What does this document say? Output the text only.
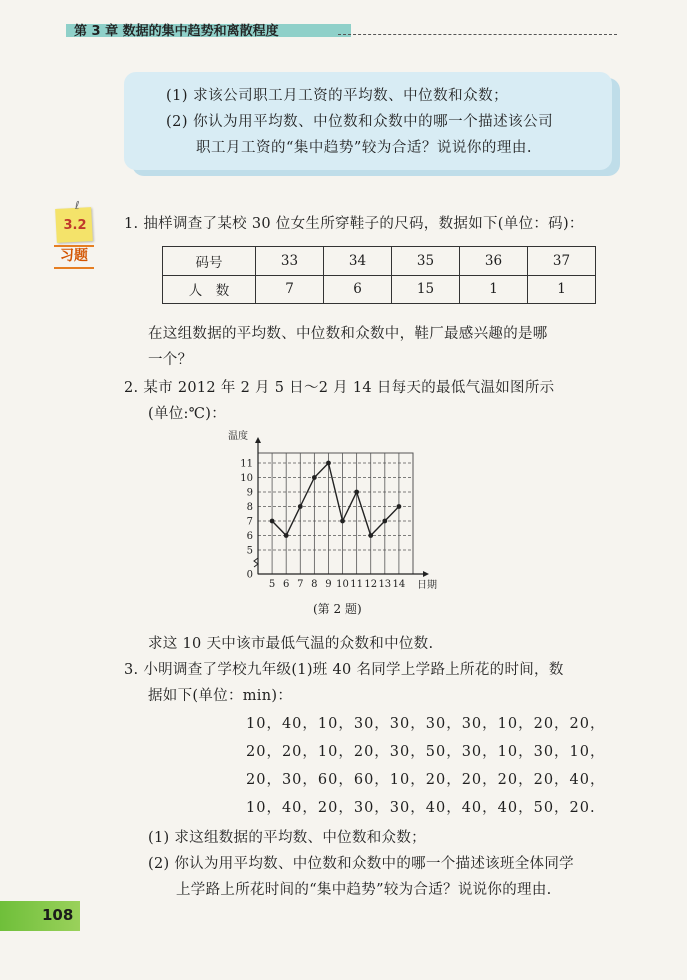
第 3 章 数据的集中趋势和离散程度
(1) 求该公司职工月工资的平均数、中位数和众数；
(2) 你认为用平均数、中位数和众数中的哪一个描述该公司
职工月工资的“集中趋势”较为合适？说说你的理由.
ℓ
3.2
习题
1. 抽样调查了某校 30 位女生所穿鞋子的尺码，数据如下(单位：码)：
码号	33	34	35	36	37
人　数	7	6	15	1	1
在这组数据的平均数、中位数和众数中，鞋厂最感兴趣的是哪
一个？
2. 某市 2012 年 2 月 5 日～2 月 14 日每天的最低气温如图所示
(单位:℃)：
温度
日期
0
5
6
7
8
9
10
11
5 6 7 8 9 10 11 12 13 14
(第 2 题)
求这 10 天中该市最低气温的众数和中位数.
3. 小明调查了学校九年级(1)班 40 名同学上学路上所花的时间，数
据如下(单位：min)：
10，40，10，30，30，30，30，10，20，20，
20，20，10，20，30，50，30，10，30，10，
20，30，60，60，10，20，20，20，20，40，
10，40，20，30，30，40，40，40，50，20.
(1) 求这组数据的平均数、中位数和众数；
(2) 你认为用平均数、中位数和众数中的哪一个描述该班全体同学
上学路上所花时间的“集中趋势”较为合适？说说你的理由.
108
